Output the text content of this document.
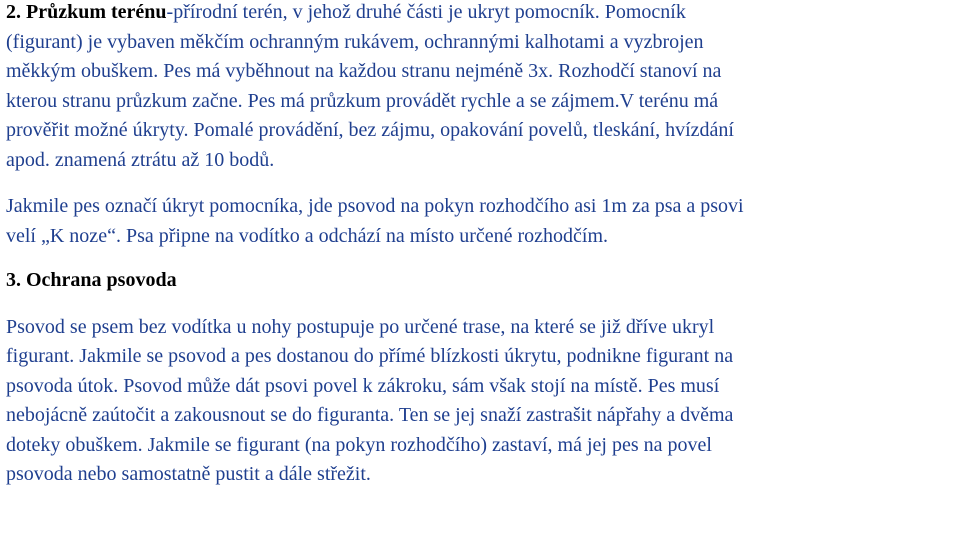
2. Průzkum terénu-přírodní terén, v jehož druhé části je ukryt pomocník. Pomocník
(figurant) je vybaven měkčím ochranným rukávem, ochrannými kalhotami a vyzbrojen
měkkým obuškem. Pes má vyběhnout na každou stranu nejméně 3x. Rozhodčí stanoví na
kterou stranu průzkum začne. Pes má průzkum provádět rychle a se zájmem.V terénu má
prověřit možné úkryty. Pomalé provádění, bez zájmu, opakování povelů, tleskání, hvízdání
apod. znamená ztrátu až 10 bodů.
Jakmile pes označí úkryt pomocníka, jde psovod na pokyn rozhodčího asi 1m za psa a psovi
velí „K noze“. Psa připne na vodítko a odchází na místo určené rozhodčím.
3. Ochrana psovoda
Psovod se psem bez vodítka u nohy postupuje po určené trase, na které se již dříve ukryl
figurant. Jakmile se psovod a pes dostanou do přímé blízkosti úkrytu, podnikne figurant na
psovoda útok. Psovod může dát psovi povel k zákroku, sám však stojí na místě. Pes musí
nebojácně zaútočit a zakousnout se do figuranta. Ten se jej snaží zastrašit nápřahy a dvěma
doteky obuškem. Jakmile se figurant (na pokyn rozhodčího) zastaví, má jej pes na povel
psovoda nebo samostatně pustit a dále střežit.
